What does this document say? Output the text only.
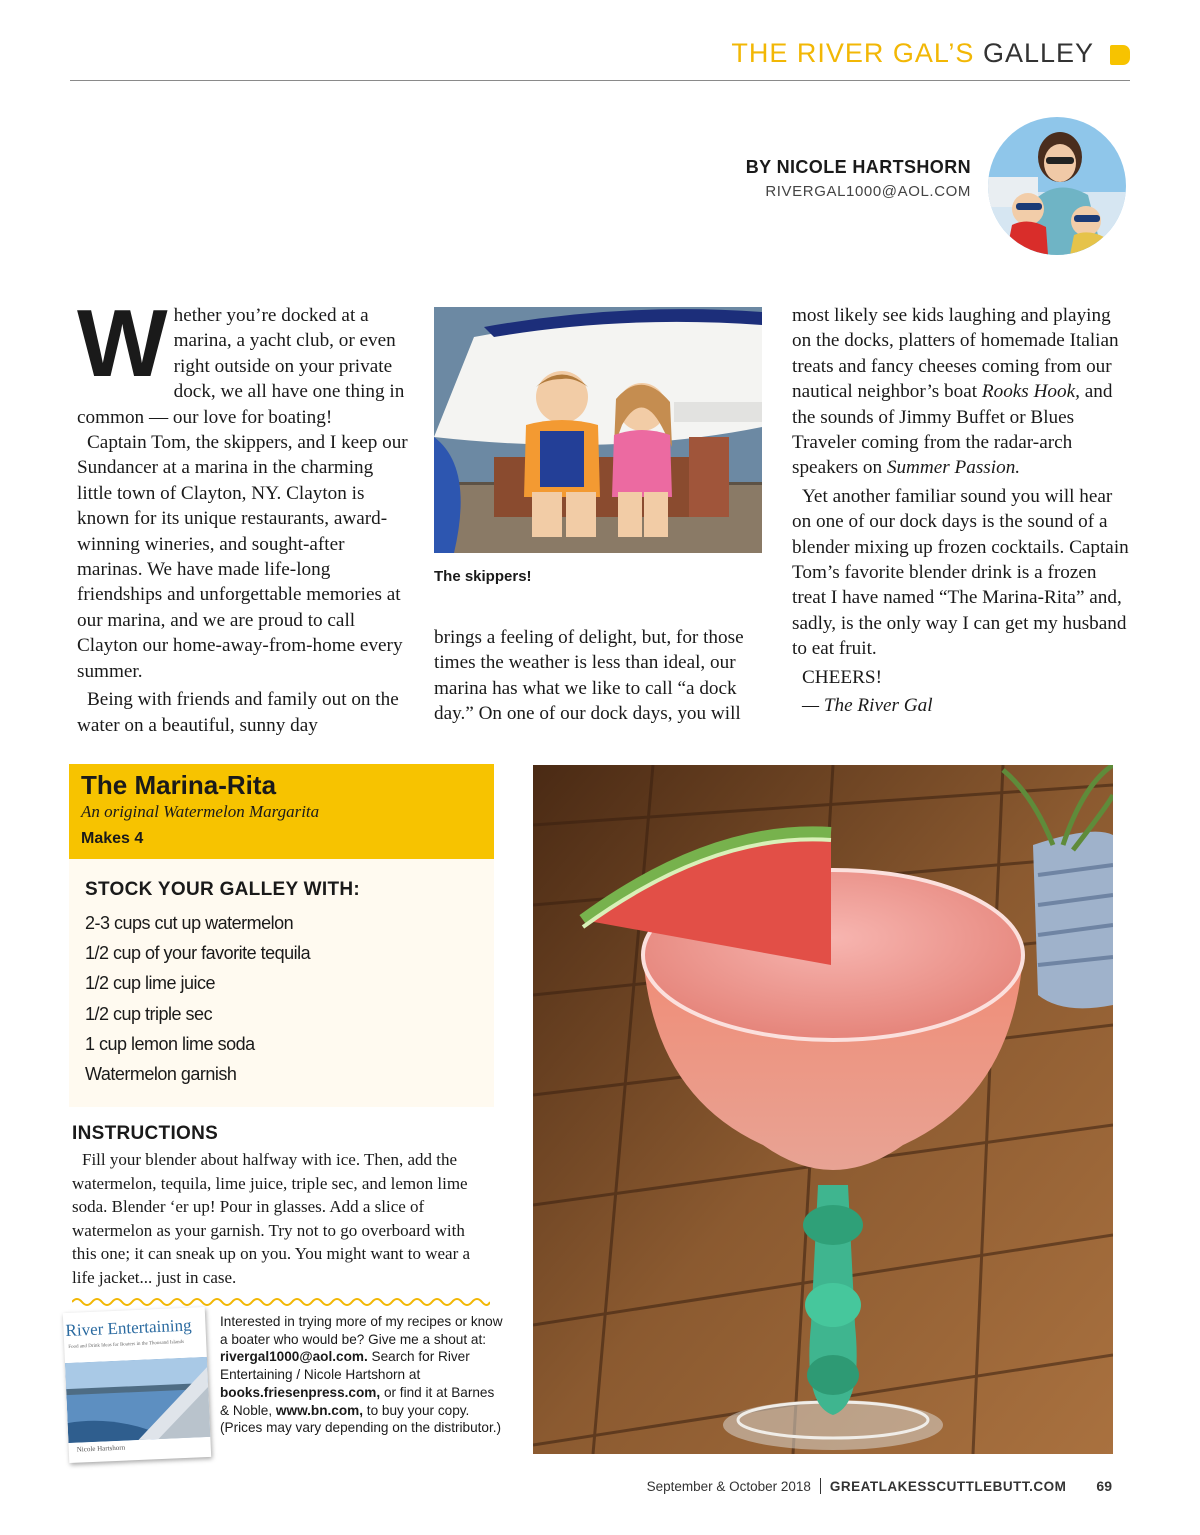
THE RIVER GAL’S GALLEY
BY NICOLE HARTSHORN
RIVERGAL1000@AOL.COM

Whether you’re docked at a marina, a yacht club, or even right outside on your private dock, we all have one thing in common — our love for boating!

Captain Tom, the skippers, and I keep our Sundancer at a marina in the charming little town of Clayton, NY. Clayton is known for its unique restaurants, award-winning wineries, and sought-after marinas. We have made life-long friendships and unforgettable memories at our marina, and we are proud to call Clayton our home-away-from-home every summer.

Being with friends and family out on the water on a beautiful, sunny day

The skippers!

brings a feeling of delight, but, for those times the weather is less than ideal, our marina has what we like to call “a dock day.” On one of our dock days, you will

most likely see kids laughing and playing on the docks, platters of homemade Italian treats and fancy cheeses coming from our nautical neighbor’s boat Rooks Hook, and the sounds of Jimmy Buffet or Blues Traveler coming from the radar-arch speakers on Summer Passion.

Yet another familiar sound you will hear on one of our dock days is the sound of a blender mixing up frozen cocktails. Captain Tom’s favorite blender drink is a frozen treat I have named “The Marina-Rita” and, sadly, is the only way I can get my husband to eat fruit.

CHEERS!

— The River Gal

The Marina-Rita
An original Watermelon Margarita
Makes 4
STOCK YOUR GALLEY WITH:
2-3 cups cut up watermelon
1/2 cup of your favorite tequila
1/2 cup lime juice
1/2 cup triple sec
1 cup lemon lime soda
Watermelon garnish
INSTRUCTIONS

Fill your blender about halfway with ice. Then, add the watermelon, tequila, lime juice, triple sec, and lemon lime soda. Blender ‘er up! Pour in glasses. Add a slice of watermelon as your garnish. Try not to go overboard with this one; it can sneak up on you. You might want to wear a life jacket... just in case.

River Entertaining
Food and Drink Ideas for Boaters in the Thousand Islands
Nicole Hartshorn
Interested in trying more of my recipes or know a boater who would be? Give me a shout at: rivergal1000@aol.com. Search for River Entertaining / Nicole Hartshorn at books.friesenpress.com, or find it at Barnes & Noble, www.bn.com, to buy your copy. (Prices may vary depending on the distributor.)
September & October 2018 GREATLAKESSCUTTLEBUTT.COM 69
